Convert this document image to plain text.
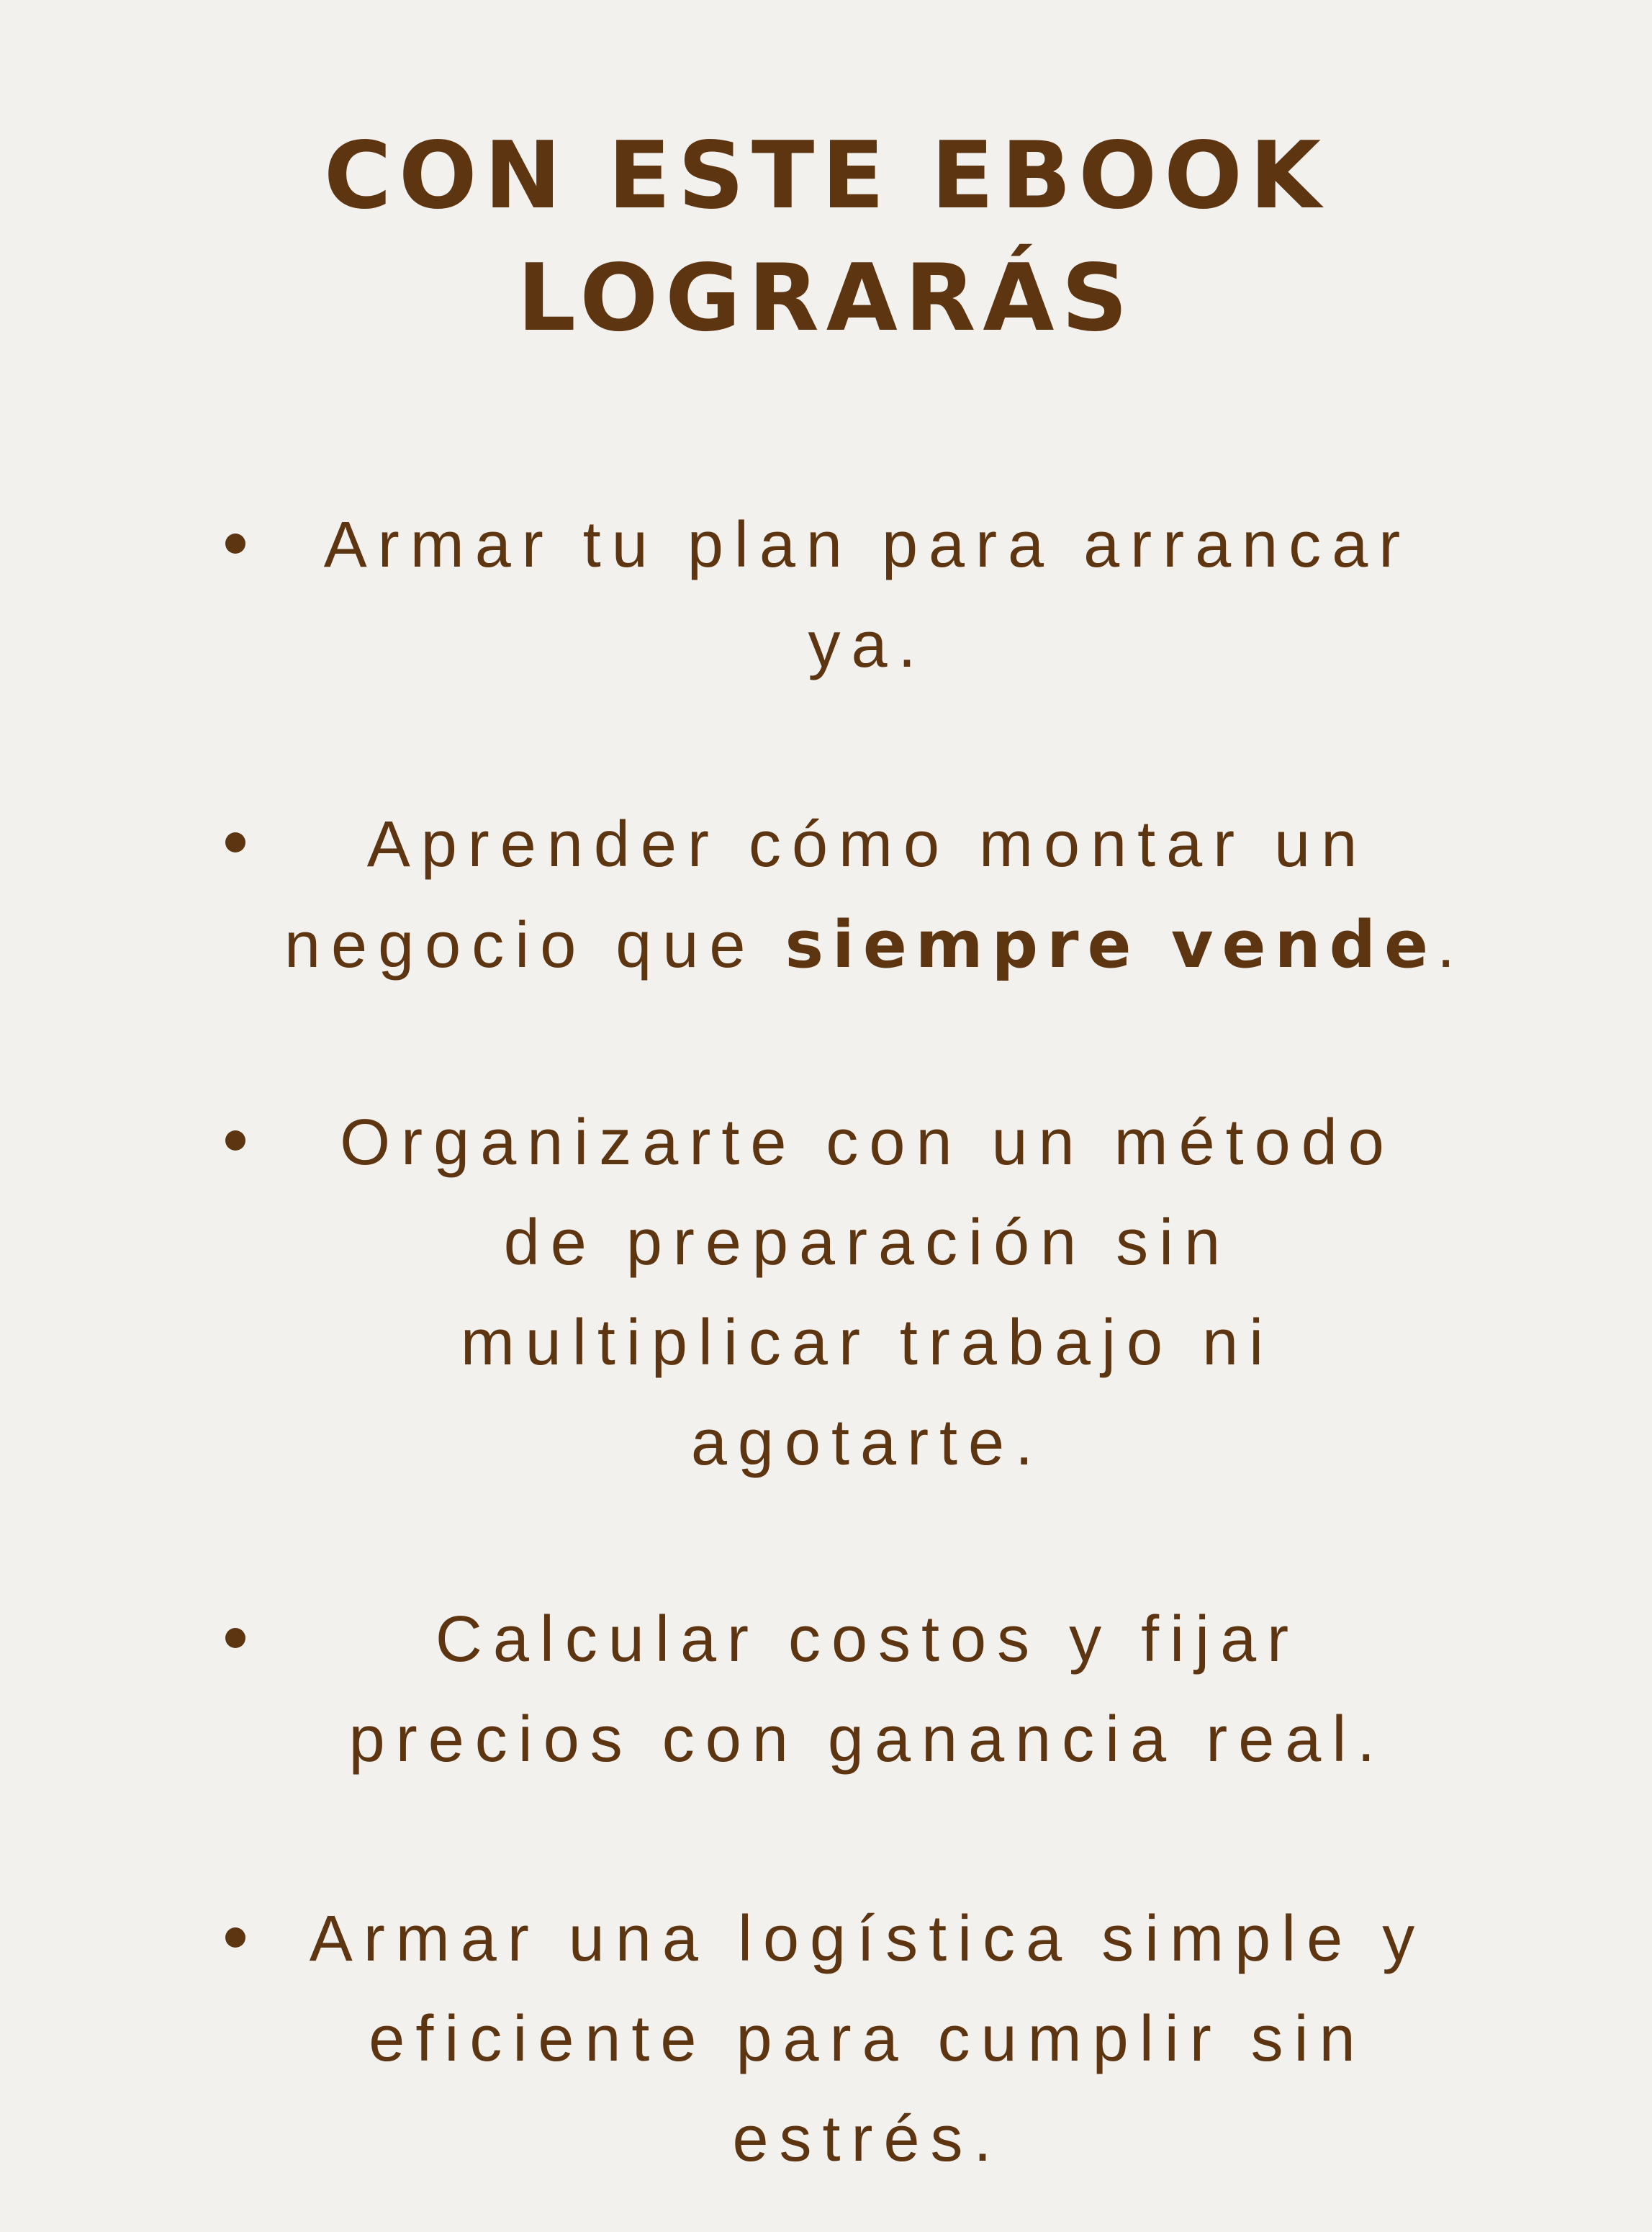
CON ESTE EBOOK
LOGRARÁS
Armar tu plan para arrancar
ya.
Aprender cómo montar un
negocio que siempre vende.
Organizarte con un método
de preparación sin
multiplicar trabajo ni
agotarte.
Calcular costos y fijar
precios con ganancia real.
Armar una logística simple y
eficiente para cumplir sin
estrés.
